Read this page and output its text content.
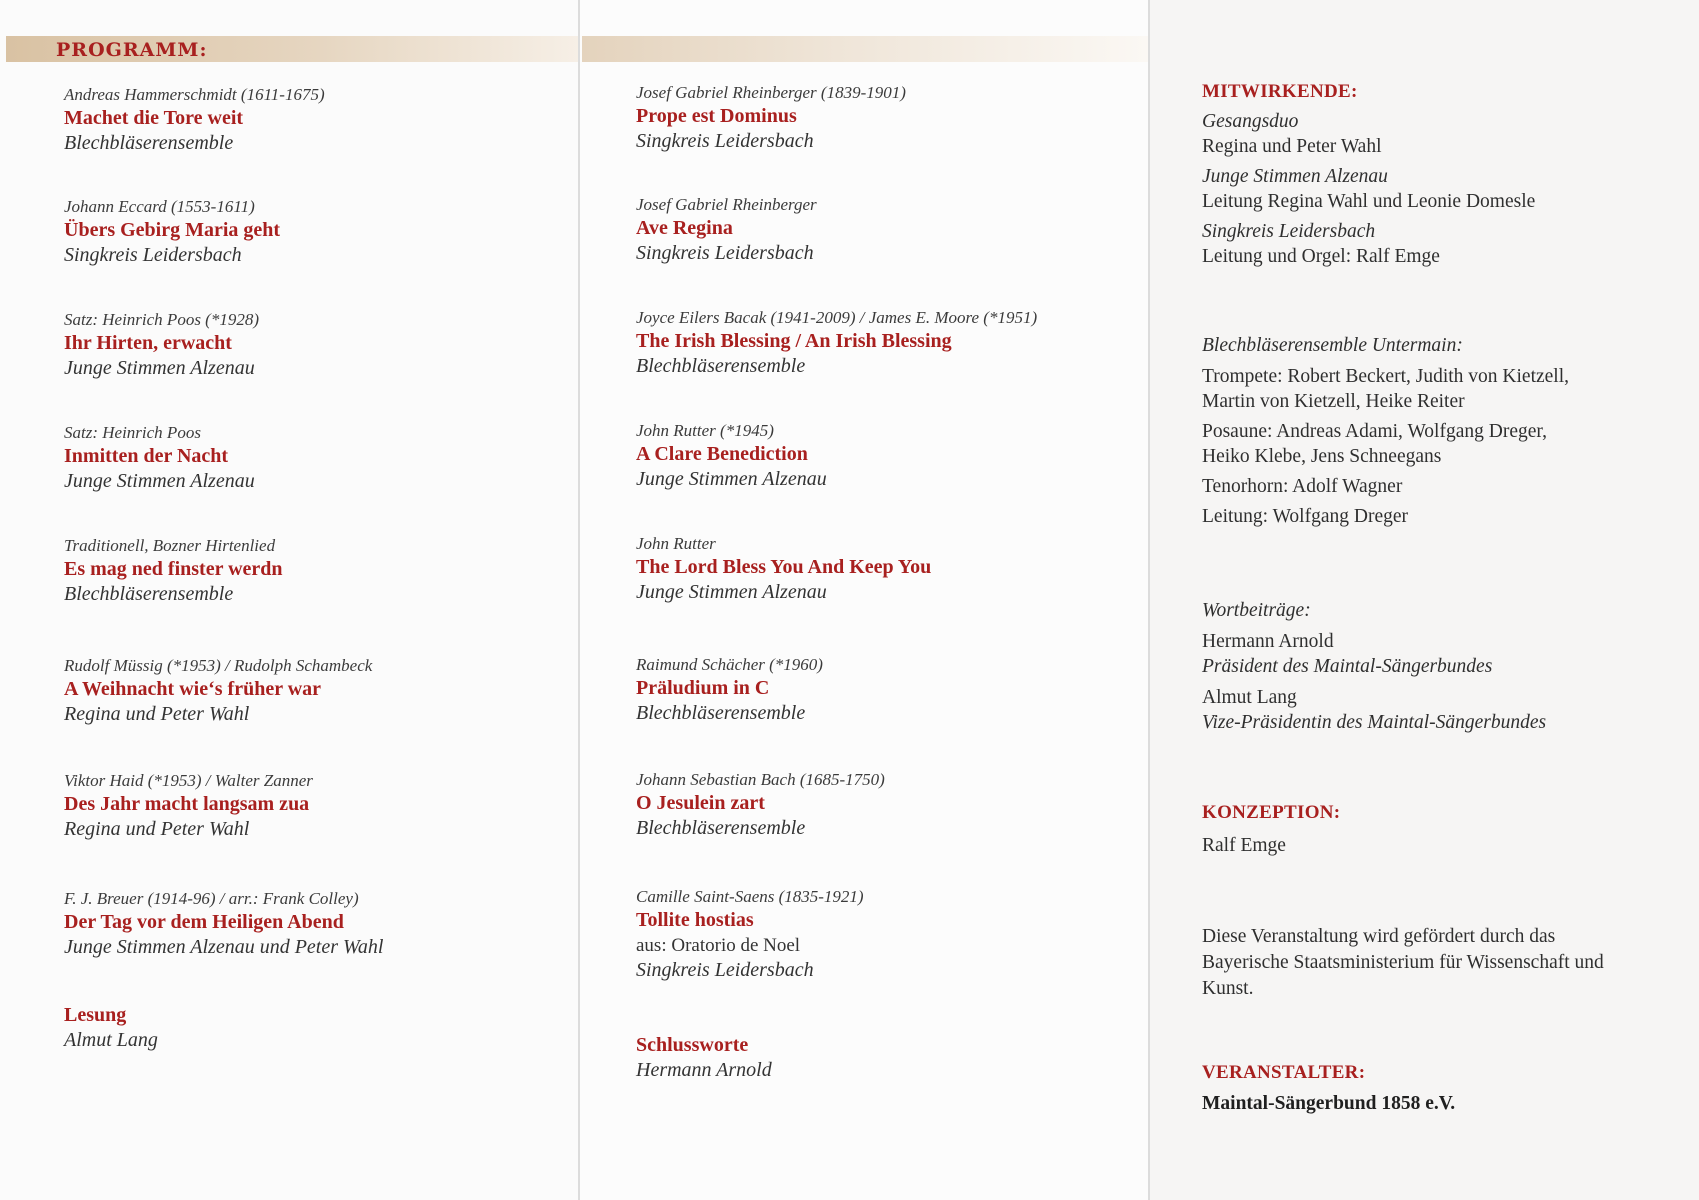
PROGRAMM:
Andreas Hammerschmidt (1611-1675)
Machet die Tore weit
Blechbläserensemble
Johann Eccard (1553-1611)
Übers Gebirg Maria geht
Singkreis Leidersbach
Satz: Heinrich Poos (*1928)
Ihr Hirten, erwacht
Junge Stimmen Alzenau
Satz: Heinrich Poos
Inmitten der Nacht
Junge Stimmen Alzenau
Traditionell, Bozner Hirtenlied
Es mag ned finster werdn
Blechbläserensemble
Rudolf Müssig (*1953) / Rudolph Schambeck
A Weihnacht wie‘s früher war
Regina und Peter Wahl
Viktor Haid (*1953) / Walter Zanner
Des Jahr macht langsam zua
Regina und Peter Wahl
F. J. Breuer (1914-96) / arr.: Frank Colley)
Der Tag vor dem Heiligen Abend
Junge Stimmen Alzenau und Peter Wahl
Lesung
Almut Lang
Josef Gabriel Rheinberger (1839-1901)
Prope est Dominus
Singkreis Leidersbach
Josef Gabriel Rheinberger
Ave Regina
Singkreis Leidersbach
Joyce Eilers Bacak (1941-2009) / James E. Moore (*1951)
The Irish Blessing / An Irish Blessing
Blechbläserensemble
John Rutter (*1945)
A Clare Benediction
Junge Stimmen Alzenau
John Rutter
The Lord Bless You And Keep You
Junge Stimmen Alzenau
Raimund Schächer (*1960)
Präludium in C
Blechbläserensemble
Johann Sebastian Bach (1685-1750)
O Jesulein zart
Blechbläserensemble
Camille Saint-Saens (1835-1921)
Tollite hostias
aus: Oratorio de Noel
Singkreis Leidersbach
Schlussworte
Hermann Arnold
MITWIRKENDE:
Gesangsduo
Regina und Peter Wahl
Junge Stimmen Alzenau
Leitung Regina Wahl und Leonie Domesle
Singkreis Leidersbach
Leitung und Orgel: Ralf Emge
Blechbläserensemble Untermain:
Trompete: Robert Beckert, Judith von Kietzell,
Martin von Kietzell, Heike Reiter
Posaune: Andreas Adami, Wolfgang Dreger,
Heiko Klebe, Jens Schneegans
Tenorhorn: Adolf Wagner
Leitung: Wolfgang Dreger
Wortbeiträge:
Hermann Arnold
Präsident des Maintal-Sängerbundes
Almut Lang
Vize-Präsidentin des Maintal-Sängerbundes
KONZEPTION:
Ralf Emge
Diese Veranstaltung wird gefördert durch das
Bayerische Staatsministerium für Wissenschaft und
Kunst.
VERANSTALTER:
Maintal-Sängerbund 1858 e.V.
